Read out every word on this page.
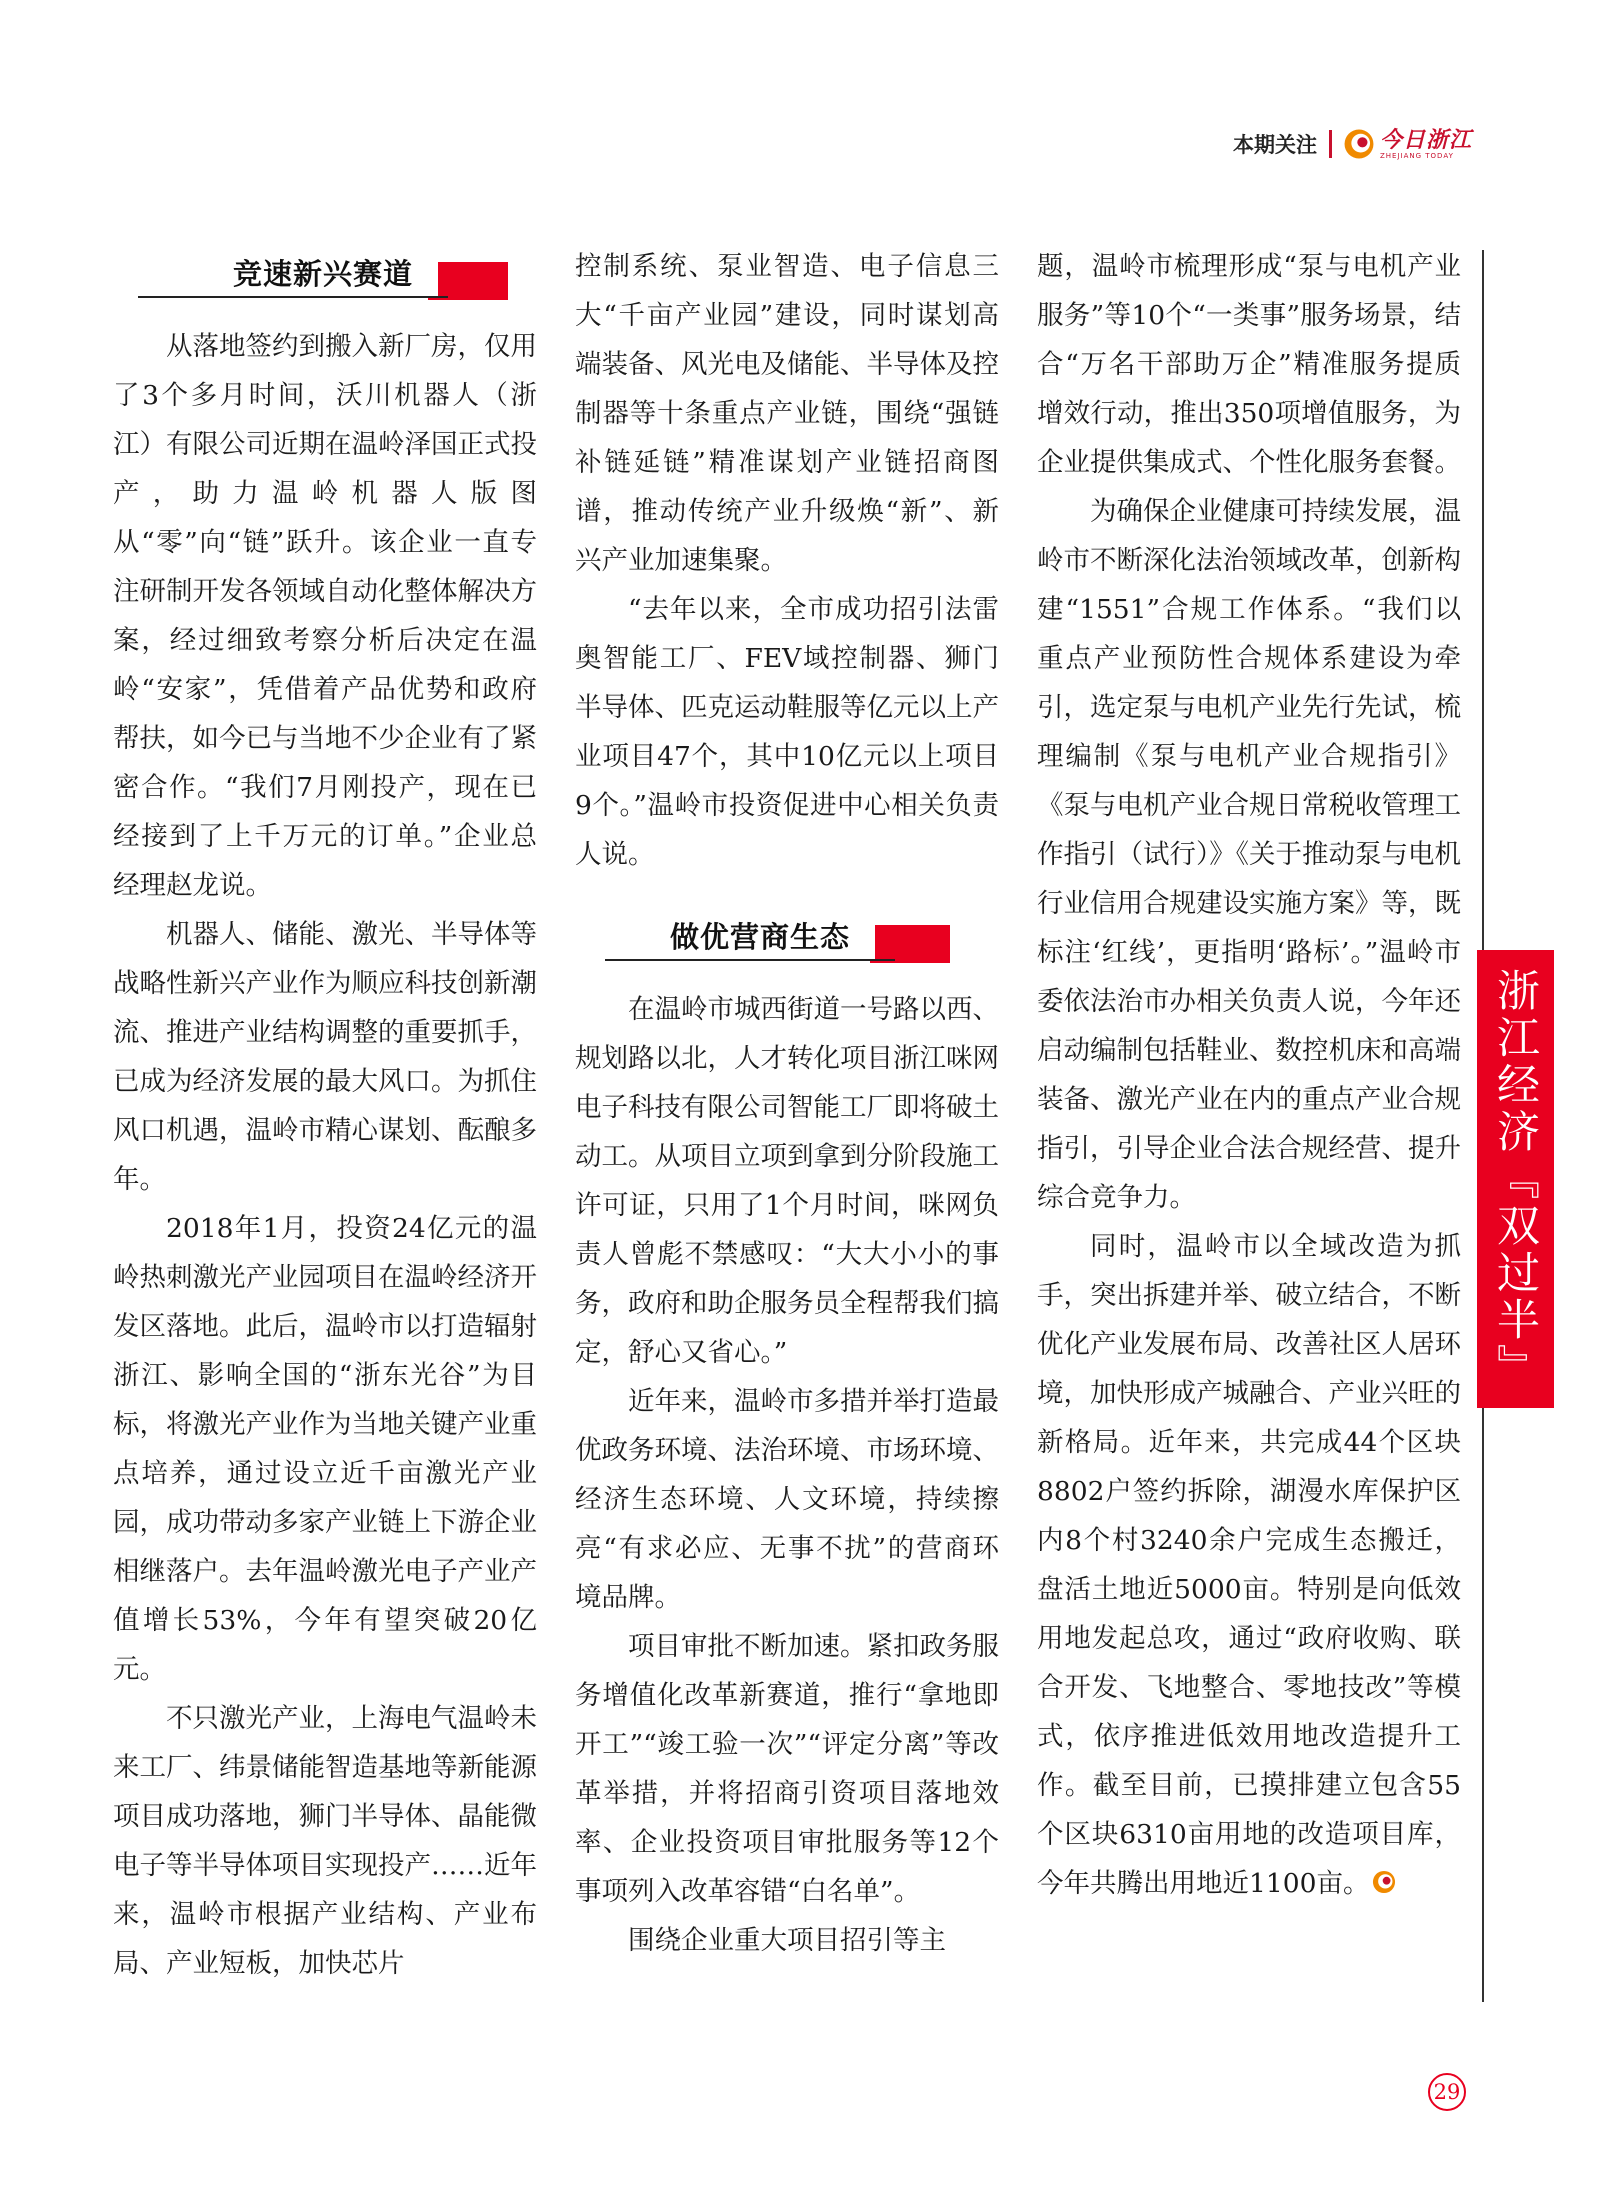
本期关注	今日浙江
ZHEJIANG TODAY
竞速新兴赛道

从落地签约到搬入新厂房，仅用了3个多月时间，沃川机器人（浙江）有限公司近期在温岭泽国正式投产，助力温岭机器人版图从“零”向“链”跃升。该企业一直专注研制开发各领域自动化整体解决方案，经过细致考察分析后决定在温岭“安家”，凭借着产品优势和政府帮扶，如今已与当地不少企业有了紧密合作。“我们7月刚投产，现在已经接到了上千万元的订单。”企业总经理赵龙说。

机器人、储能、激光、半导体等战略性新兴产业作为顺应科技创新潮流、推进产业结构调整的重要抓手，已成为经济发展的最大风口。为抓住风口机遇，温岭市精心谋划、酝酿多年。

2018年1月，投资24亿元的温岭热刺激光产业园项目在温岭经济开发区落地。此后，温岭市以打造辐射浙江、影响全国的“浙东光谷”为目标，将激光产业作为当地关键产业重点培养，通过设立近千亩激光产业园，成功带动多家产业链上下游企业相继落户。去年温岭激光电子产业产值增长53%，今年有望突破20亿元。

不只激光产业，上海电气温岭未来工厂、纬景储能智造基地等新能源项目成功落地，狮门半导体、晶能微电子等半导体项目实现投产……近年来，温岭市根据产业结构、产业布局、产业短板，加快芯片

控制系统、泵业智造、电子信息三大“千亩产业园”建设，同时谋划高端装备、风光电及储能、半导体及控制器等十条重点产业链，围绕“强链补链延链”精准谋划产业链招商图谱，推动传统产业升级焕“新”、新兴产业加速集聚。

“去年以来，全市成功招引法雷奥智能工厂、FEV域控制器、狮门半导体、匹克运动鞋服等亿元以上产业项目47个，其中10亿元以上项目9个。”温岭市投资促进中心相关负责人说。

做优营商生态

在温岭市城西街道一号路以西、规划路以北，人才转化项目浙江咪网电子科技有限公司智能工厂即将破土动工。从项目立项到拿到分阶段施工许可证，只用了1个月时间，咪网负责人曾彪不禁感叹：“大大小小的事务，政府和助企服务员全程帮我们搞定，舒心又省心。”

近年来，温岭市多措并举打造最优政务环境、法治环境、市场环境、经济生态环境、人文环境，持续擦亮“有求必应、无事不扰”的营商环境品牌。

项目审批不断加速。紧扣政务服务增值化改革新赛道，推行“拿地即开工”“竣工验一次”“评定分离”等改革举措，并将招商引资项目落地效率、企业投资项目审批服务等12个事项列入改革容错“白名单”。

围绕企业重大项目招引等主

题，温岭市梳理形成“泵与电机产业服务”等10个“一类事”服务场景，结合“万名干部助万企”精准服务提质增效行动，推出350项增值服务，为企业提供集成式、个性化服务套餐。

为确保企业健康可持续发展，温岭市不断深化法治领域改革，创新构建“1551”合规工作体系。“我们以重点产业预防性合规体系建设为牵引，选定泵与电机产业先行先试，梳理编制《泵与电机产业合规指引》《泵与电机产业合规日常税收管理工作指引（试行）》《关于推动泵与电机行业信用合规建设实施方案》等，既标注‘红线’，更指明‘路标’。”温岭市委依法治市办相关负责人说，今年还启动编制包括鞋业、数控机床和高端装备、激光产业在内的重点产业合规指引，引导企业合法合规经营、提升综合竞争力。

同时，温岭市以全域改造为抓手，突出拆建并举、破立结合，不断优化产业发展布局、改善社区人居环境，加快形成产城融合、产业兴旺的新格局。近年来，共完成44个区块8802户签约拆除，湖漫水库保护区内8个村3240余户完成生态搬迁，盘活土地近5000亩。特别是向低效用地发起总攻，通过“政府收购、联合开发、飞地整合、零地技改”等模式，依序推进低效用地改造提升工作。截至目前，已摸排建立包含55个区块6310亩用地的改造项目库，今年共腾出用地近1100亩。

浙江经济『双过半』
29
